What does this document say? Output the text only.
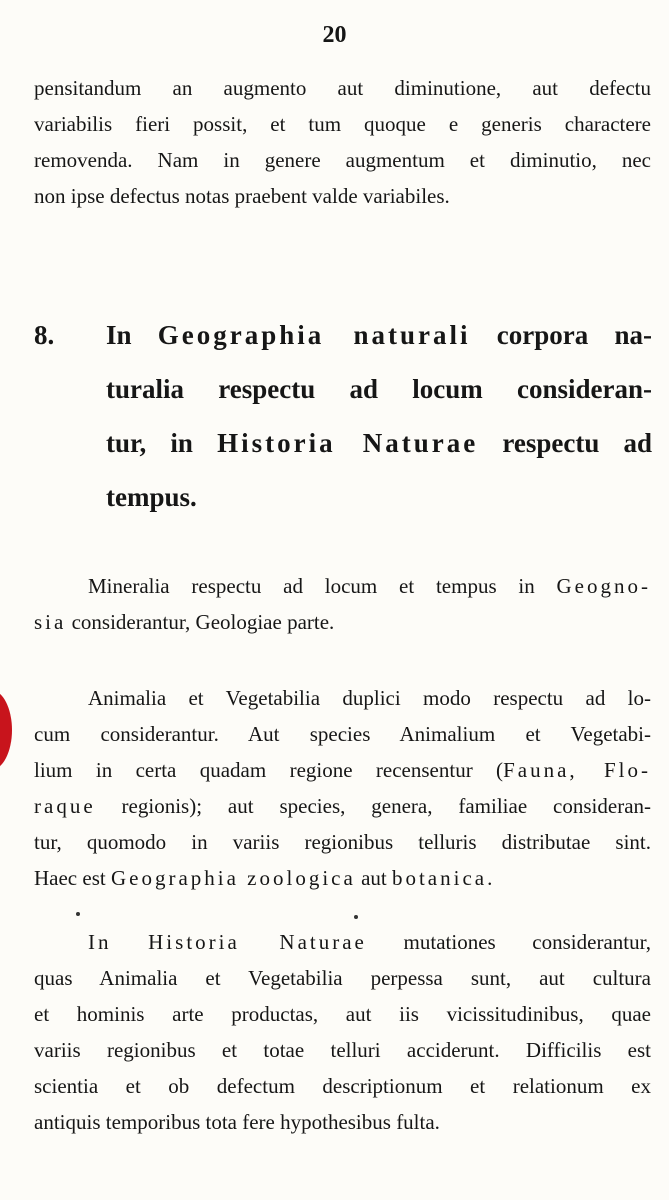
20
pensitandum an augmento aut diminutione, aut defectu
variabilis fieri possit, et tum quoque e generis charactere
removenda. Nam in genere augmentum et diminutio, nec
non ipse defectus notas praebent valde variabiles.
8. In Geographia naturali corpora na-
turalia respectu ad locum consideran-
tur, in Historia Naturae respectu ad
tempus.
Mineralia respectu ad locum et tempus in Geogno-
sia considerantur, Geologiae parte.
Animalia et Vegetabilia duplici modo respectu ad lo-
cum considerantur. Aut species Animalium et Vegetabi-
lium in certa quadam regione recensentur (Fauna, Flo-
raque regionis); aut species, genera, familiae consideran-
tur, quomodo in variis regionibus telluris distributae sint.
Haec est Geographia zoologica aut botanica.
In Historia Naturae mutationes considerantur,
quas Animalia et Vegetabilia perpessa sunt, aut cultura
et hominis arte productas, aut iis vicissitudinibus, quae
variis regionibus et totae telluri acciderunt. Difficilis est
scientia et ob defectum descriptionum et relationum ex
antiquis temporibus tota fere hypothesibus fulta.
